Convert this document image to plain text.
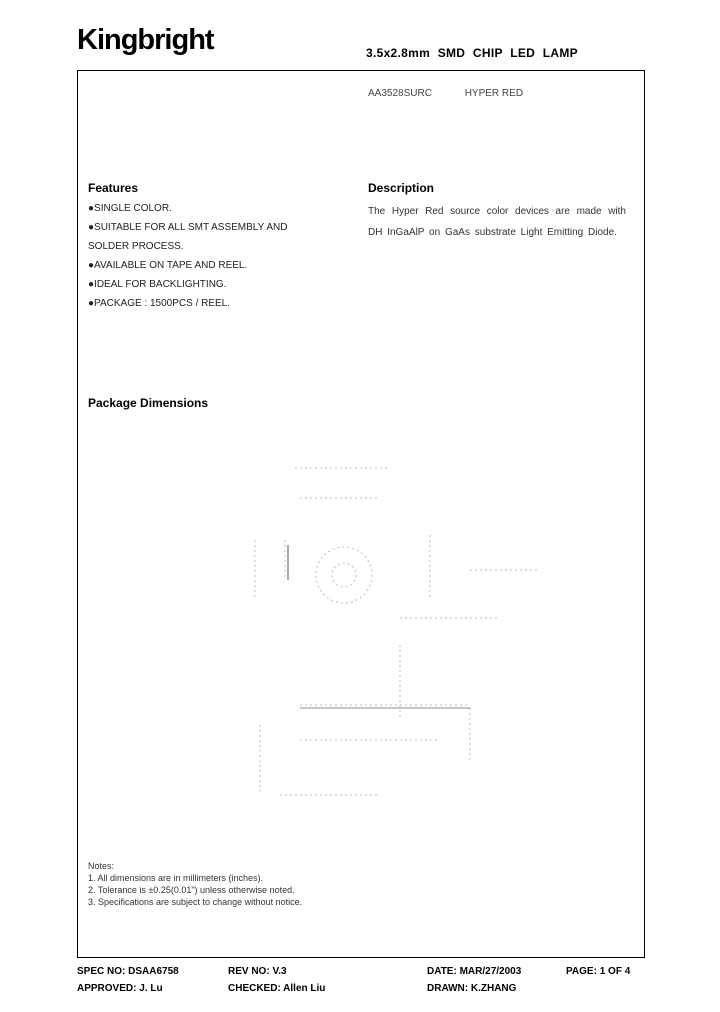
Kingbright	3.5x2.8mm SMD CHIP LED LAMP
AA3528SURC	HYPER RED
Features
●SINGLE COLOR.
●SUITABLE FOR ALL SMT ASSEMBLY AND
SOLDER PROCESS.
●AVAILABLE ON TAPE AND REEL.
●IDEAL FOR BACKLIGHTING.
●PACKAGE : 1500PCS / REEL.
Description
The Hyper Red source color devices are made with DH InGaAlP on GaAs substrate Light Emitting Diode.
Package Dimensions
Notes:
1. All dimensions are in millimeters (inches).
2. Tolerance is ±0.25(0.01") unless otherwise noted.
3. Specifications are subject to change without notice.
SPEC NO: DSAA6758	REV NO: V.3	DATE: MAR/27/2003	PAGE: 1 OF 4
APPROVED: J. Lu	CHECKED: Allen Liu	DRAWN: K.ZHANG
